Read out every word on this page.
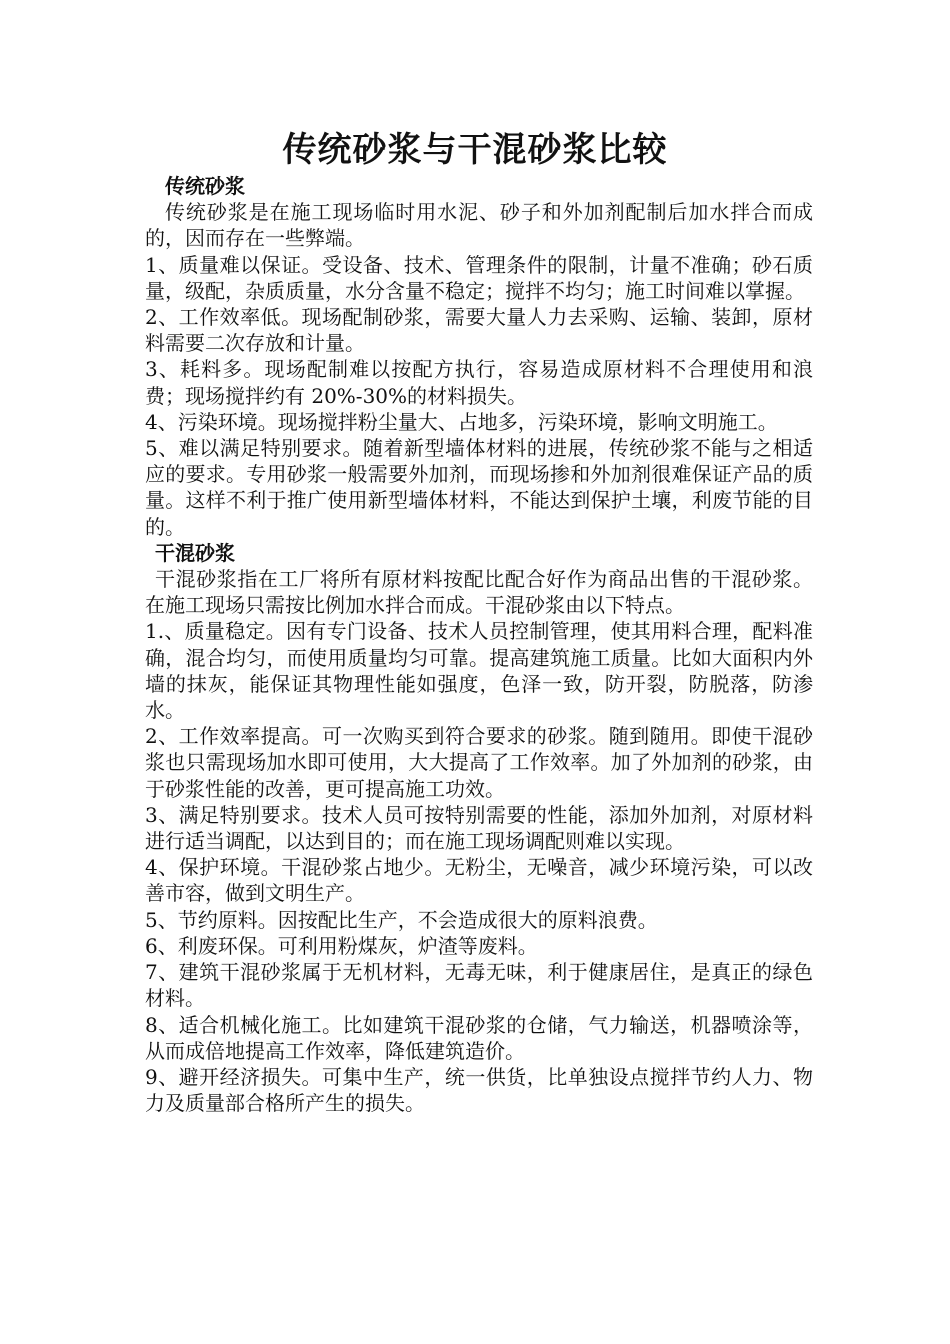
传统砂浆与干混砂浆比较

传统砂浆

传统砂浆是在施工现场临时用水泥、砂子和外加剂配制后加水拌合而成的，因而存在一些弊端。

1、质量难以保证。受设备、技术、管理条件的限制，计量不准确；砂石质量，级配，杂质质量，水分含量不稳定；搅拌不均匀；施工时间难以掌握。

2、工作效率低。现场配制砂浆，需要大量人力去采购、运输、装卸，原材料需要二次存放和计量。

3、耗料多。现场配制难以按配方执行，容易造成原材料不合理使用和浪费；现场搅拌约有 20%-30%的材料损失。

4、污染环境。现场搅拌粉尘量大、占地多，污染环境，影响文明施工。

5、难以满足特别要求。随着新型墙体材料的进展，传统砂浆不能与之相适应的要求。专用砂浆一般需要外加剂，而现场掺和外加剂很难保证产品的质量。这样不利于推广使用新型墙体材料，不能达到保护土壤，利废节能的目的。

干混砂浆

干混砂浆指在工厂将所有原材料按配比配合好作为商品出售的干混砂浆。在施工现场只需按比例加水拌合而成。干混砂浆由以下特点。

1.、质量稳定。因有专门设备、技术人员控制管理，使其用料合理，配料准确，混合均匀，而使用质量均匀可靠。提高建筑施工质量。比如大面积内外墙的抹灰，能保证其物理性能如强度，色泽一致，防开裂，防脱落，防渗水。

2、工作效率提高。可一次购买到符合要求的砂浆。随到随用。即使干混砂浆也只需现场加水即可使用，大大提高了工作效率。加了外加剂的砂浆，由于砂浆性能的改善，更可提高施工功效。

3、满足特别要求。技术人员可按特别需要的性能，添加外加剂，对原材料进行适当调配，以达到目的；而在施工现场调配则难以实现。

4、保护环境。干混砂浆占地少。无粉尘，无噪音，减少环境污染，可以改善市容，做到文明生产。

5、节约原料。因按配比生产，不会造成很大的原料浪费。

6、利废环保。可利用粉煤灰，炉渣等废料。

7、建筑干混砂浆属于无机材料，无毒无味，利于健康居住，是真正的绿色材料。

8、适合机械化施工。比如建筑干混砂浆的仓储，气力输送，机器喷涂等，从而成倍地提高工作效率，降低建筑造价。

9、避开经济损失。可集中生产，统一供货，比单独设点搅拌节约人力、物力及质量部合格所产生的损失。
